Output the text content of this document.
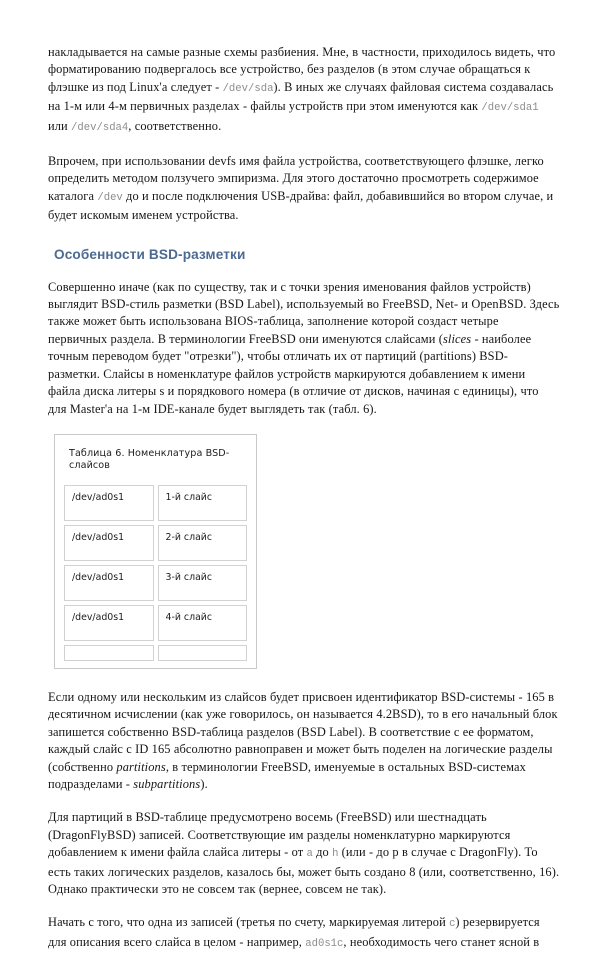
накладывается на самые разные схемы разбиения. Мне, в частности, приходилось видеть, что форматированию подвергалось все устройство, без разделов (в этом случае обращаться к флэшке из под Linux'a следует - /dev/sda). В иных же случаях файловая система создавалась на 1-м или 4-м первичных разделах - файлы устройств при этом именуются как /dev/sda1 или /dev/sda4, соответственно.

Впрочем, при использовании devfs имя файла устройства, соответствующего флэшке, легко определить методом ползучего эмпиризма. Для этого достаточно просмотреть содержимое каталога /dev до и после подключения USB-драйва: файл, добавившийся во втором случае, и будет искомым именем устройства.

Особенности BSD-разметки

Совершенно иначе (как по существу, так и с точки зрения именования файлов устройств) выглядит BSD-стиль разметки (BSD Label), используемый во FreeBSD, Net- и OpenBSD. Здесь также может быть использована BIOS-таблица, заполнение которой создаст четыре первичных раздела. В терминологии FreeBSD они именуются слайсами (slices - наиболее точным переводом будет "отрезки"), чтобы отличать их от партиций (partitions) BSD-разметки. Слайсы в номенклатуре файлов устройств маркируются добавлением к имени файла диска литеры s и порядкового номера (в отличие от дисков, начиная с единицы), что для Master'a на 1-м IDE-канале будет выглядеть так (табл. 6).

Таблица 6. Номенклатура BSD-слайсов	
/dev/ad0s1	1-й слайс
/dev/ad0s1	2-й слайс
/dev/ad0s1	3-й слайс
/dev/ad0s1	4-й слайс

Если одному или нескольким из слайсов будет присвоен идентификатор BSD-системы - 165 в десятичном исчислении (как уже говорилось, он называется 4.2BSD), то в его начальный блок запишется собственно BSD-таблица разделов (BSD Label). В соответствие с ее форматом, каждый слайс с ID 165 абсолютно равноправен и может быть поделен на логические разделы (собственно partitions, в терминологии FreeBSD, именуемые в остальных BSD-системах подразделами - subpartitions).

Для партиций в BSD-таблице предусмотрено восемь (FreeBSD) или шестнадцать (DragonFlyBSD) записей. Соответствующие им разделы номенклатурно маркируются добавлением к имени файла слайса литеры - от a до h (или - до p в случае с DragonFly). То есть таких логических разделов, казалось бы, может быть создано 8 (или, соответственно, 16). Однако практически это не совсем так (вернее, совсем не так).

Начать с того, что одна из записей (третья по счету, маркируемая литерой c) резервируется для описания всего слайса в целом - например, ad0s1c, необходимость чего станет ясной в
